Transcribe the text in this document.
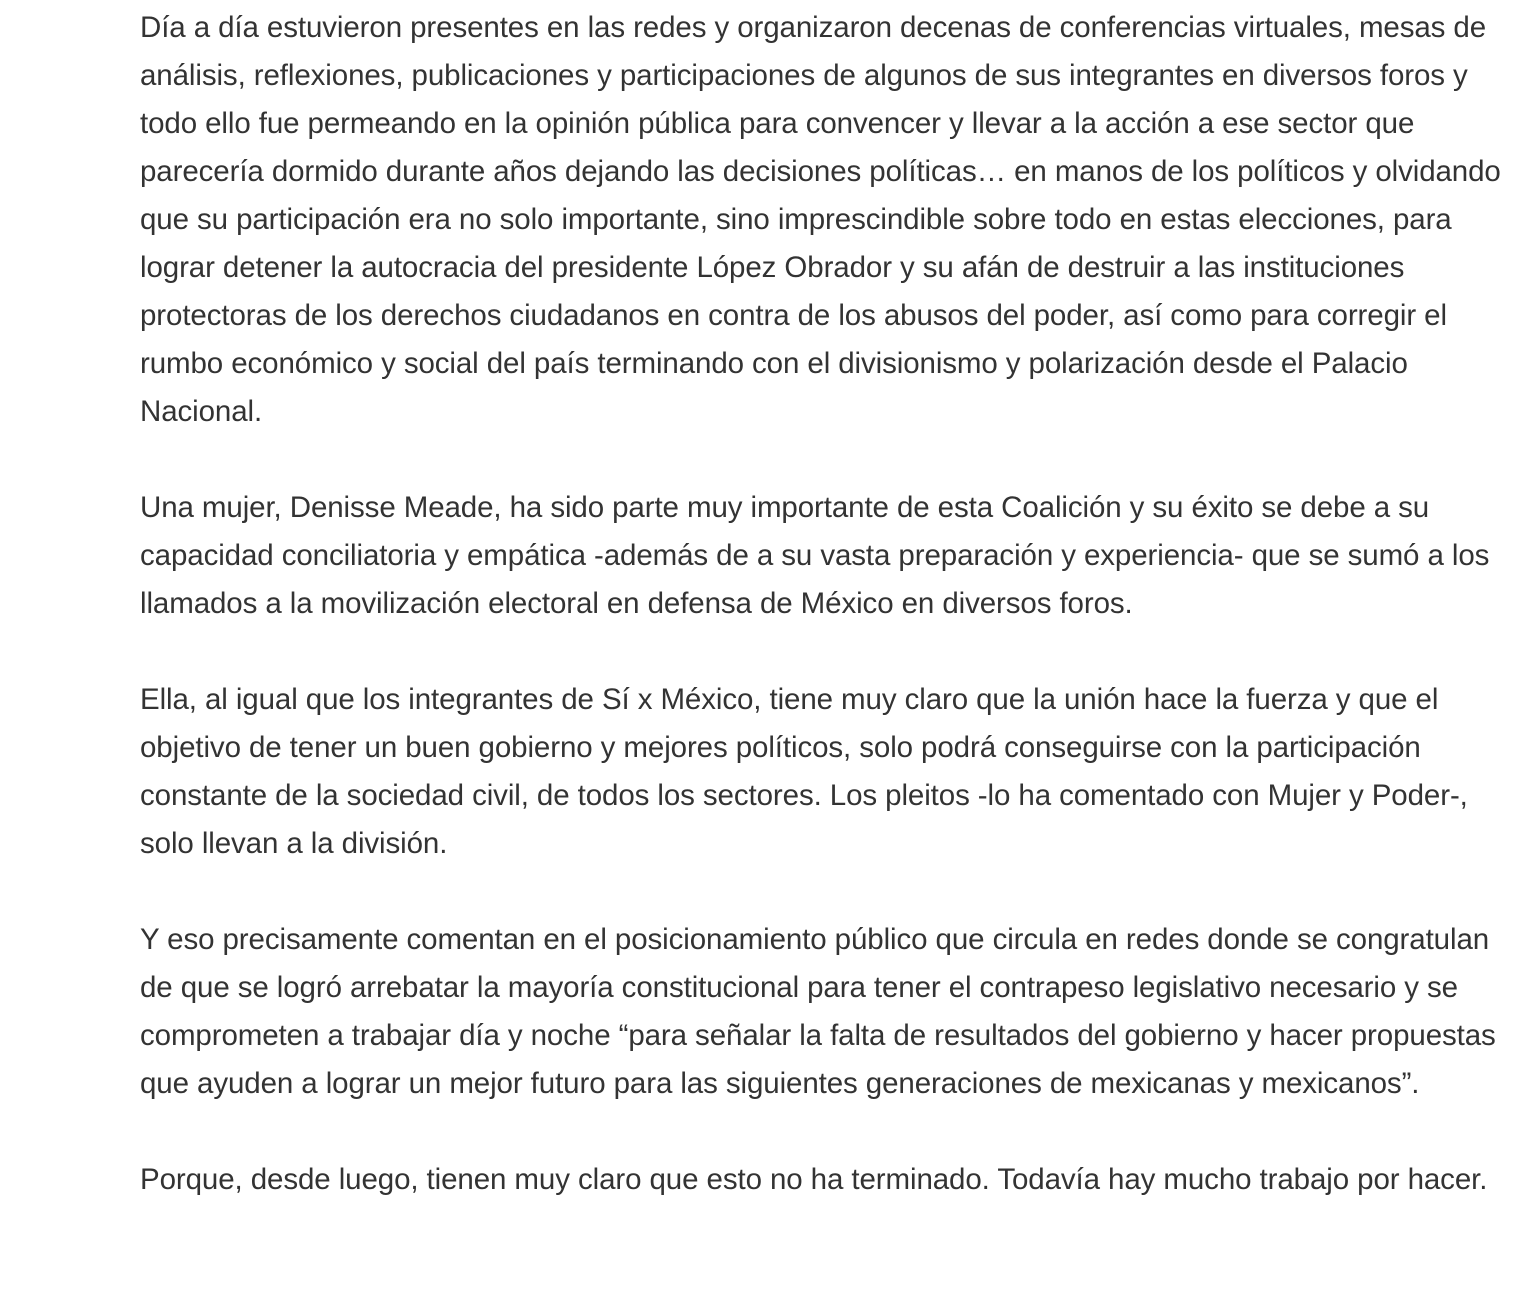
Día a día estuvieron presentes en las redes y organizaron decenas de conferencias virtuales, mesas de análisis, reflexiones, publicaciones y participaciones de algunos de sus integrantes en diversos foros y todo ello fue permeando en la opinión pública para convencer y llevar a la acción a ese sector que parecería dormido durante años dejando las decisiones políticas… en manos de los políticos y olvidando que su participación era no solo importante, sino imprescindible sobre todo en estas elecciones, para lograr detener la autocracia del presidente López Obrador y su afán de destruir a las instituciones protectoras de los derechos ciudadanos en contra de los abusos del poder, así como para corregir el rumbo económico y social del país terminando con el divisionismo y polarización desde el Palacio Nacional.

Una mujer, Denisse Meade, ha sido parte muy importante de esta Coalición y su éxito se debe a su capacidad conciliatoria y empática -además de a su vasta preparación y experiencia- que se sumó a los llamados a la movilización electoral en defensa de México en diversos foros.

Ella, al igual que los integrantes de Sí x México, tiene muy claro que la unión hace la fuerza y que el objetivo de tener un buen gobierno y mejores políticos, solo podrá conseguirse con la participación constante de la sociedad civil, de todos los sectores. Los pleitos -lo ha comentado con Mujer y Poder-, solo llevan a la división.

Y eso precisamente comentan en el posicionamiento público que circula en redes donde se congratulan de que se logró arrebatar la mayoría constitucional para tener el contrapeso legislativo necesario y se comprometen a trabajar día y noche “para señalar la falta de resultados del gobierno y hacer propuestas que ayuden a lograr un mejor futuro para las siguientes generaciones de mexicanas y mexicanos”.

Porque, desde luego, tienen muy claro que esto no ha terminado. Todavía hay mucho trabajo por hacer.
